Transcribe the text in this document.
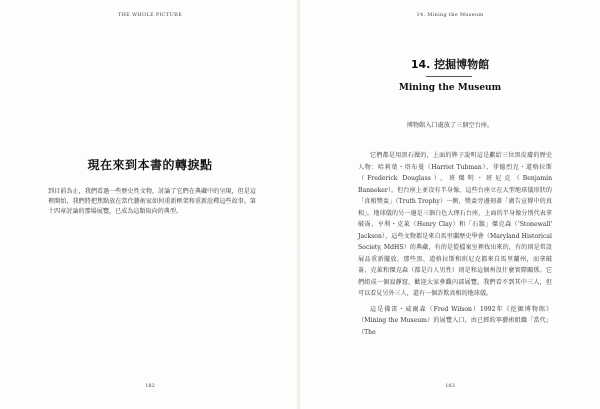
THE WHOLE PICTURE
現在來到本書的轉捩點

到目前為止，我們看過一些歷史性文物，討論了它們在典藏中的呈現，但是這裡開始，我們將把焦點放在當代藝術家如何重新框架和重新詮釋這些故事。第十四章討論的那場展覽，已成為這類取向的典型。

182
14. Mining the Museum
14. 挖掘博物館
Mining the Museum
博物館入口處放了三個空台座。

它們都是用黑石做的，上面的牌子說明這是獻給三位黑皮膚的歷史人物：哈莉葉・塔布曼（Harriet Tubman）、菲德烈克・道格拉斯（Frederick Douglass）、班傑明・班尼克（Benjamin Banneker）。但台座上並沒有半身像，這些台座立在大型地球儀形狀的「真相獎盃」（Truth Trophy）一側，獎盃旁邊刻著「廣告宣傳中的真相」。地球儀的另一邊是三個白色大理石台座，上面的半身像分別代表拿破崙、亨利・克萊（Henry Clay）和「石牆」傑克森（'Stonewall' Jackson），這些文物都是來自馬里蘭歷史學會（Maryland Historical Society, MdHS）的典藏，有的是從檔案室裡找出來的，有的則是常設展品重新擺放。那些黑、道格拉斯和班尼克都來自馬里蘭州，而拿破崙、克萊和傑克森（都是白人男性）則是和這個州沒什麼實際關係。它們組成一個寂靜窟，歡迎大家參觀內部展覽。我們看不到其中三人，但可以看見另外三人，還有一個詐欺真相的地球儀。

這是佛雷・威爾森（Fred Wilson）1992年《挖掘博物館》（Mining the Museum）的展覽入口，由已經約寧藝術組織「當代」（The

183
